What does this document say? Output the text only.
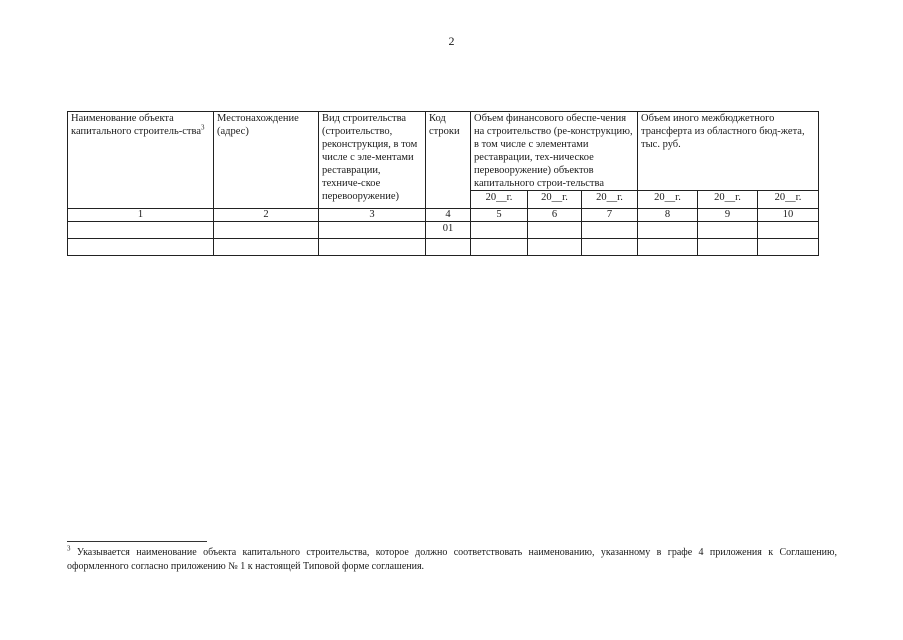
2
Наименование объекта капитального строитель-ства$^3$	Местонахождение (адрес)	Вид строительства (строительство, реконструкция, в том числе с эле-ментами реставрации, техниче-ское перевооружение)	Код строки	Объем финансового обеспе-чения на строительство (ре-конструкцию, в том числе с элементами реставрации, тех-ническое перевооружение) объектов капитального строи-тельства			Объем иного межбюджетного трансферта из областного бюд-жета, тыс. руб.		
				20__г.	20__г.	20__г.	20__г.	20__г.	20__г.
1	2	3	4	5	6	7	8	9	10
			01						

$^3$ Указывается наименование объекта капитального строительства, которое должно соответствовать наименованию, указанному в графе 4 приложения к Соглашению, оформленного согласно приложению № 1 к настоящей Типовой форме соглашения.
